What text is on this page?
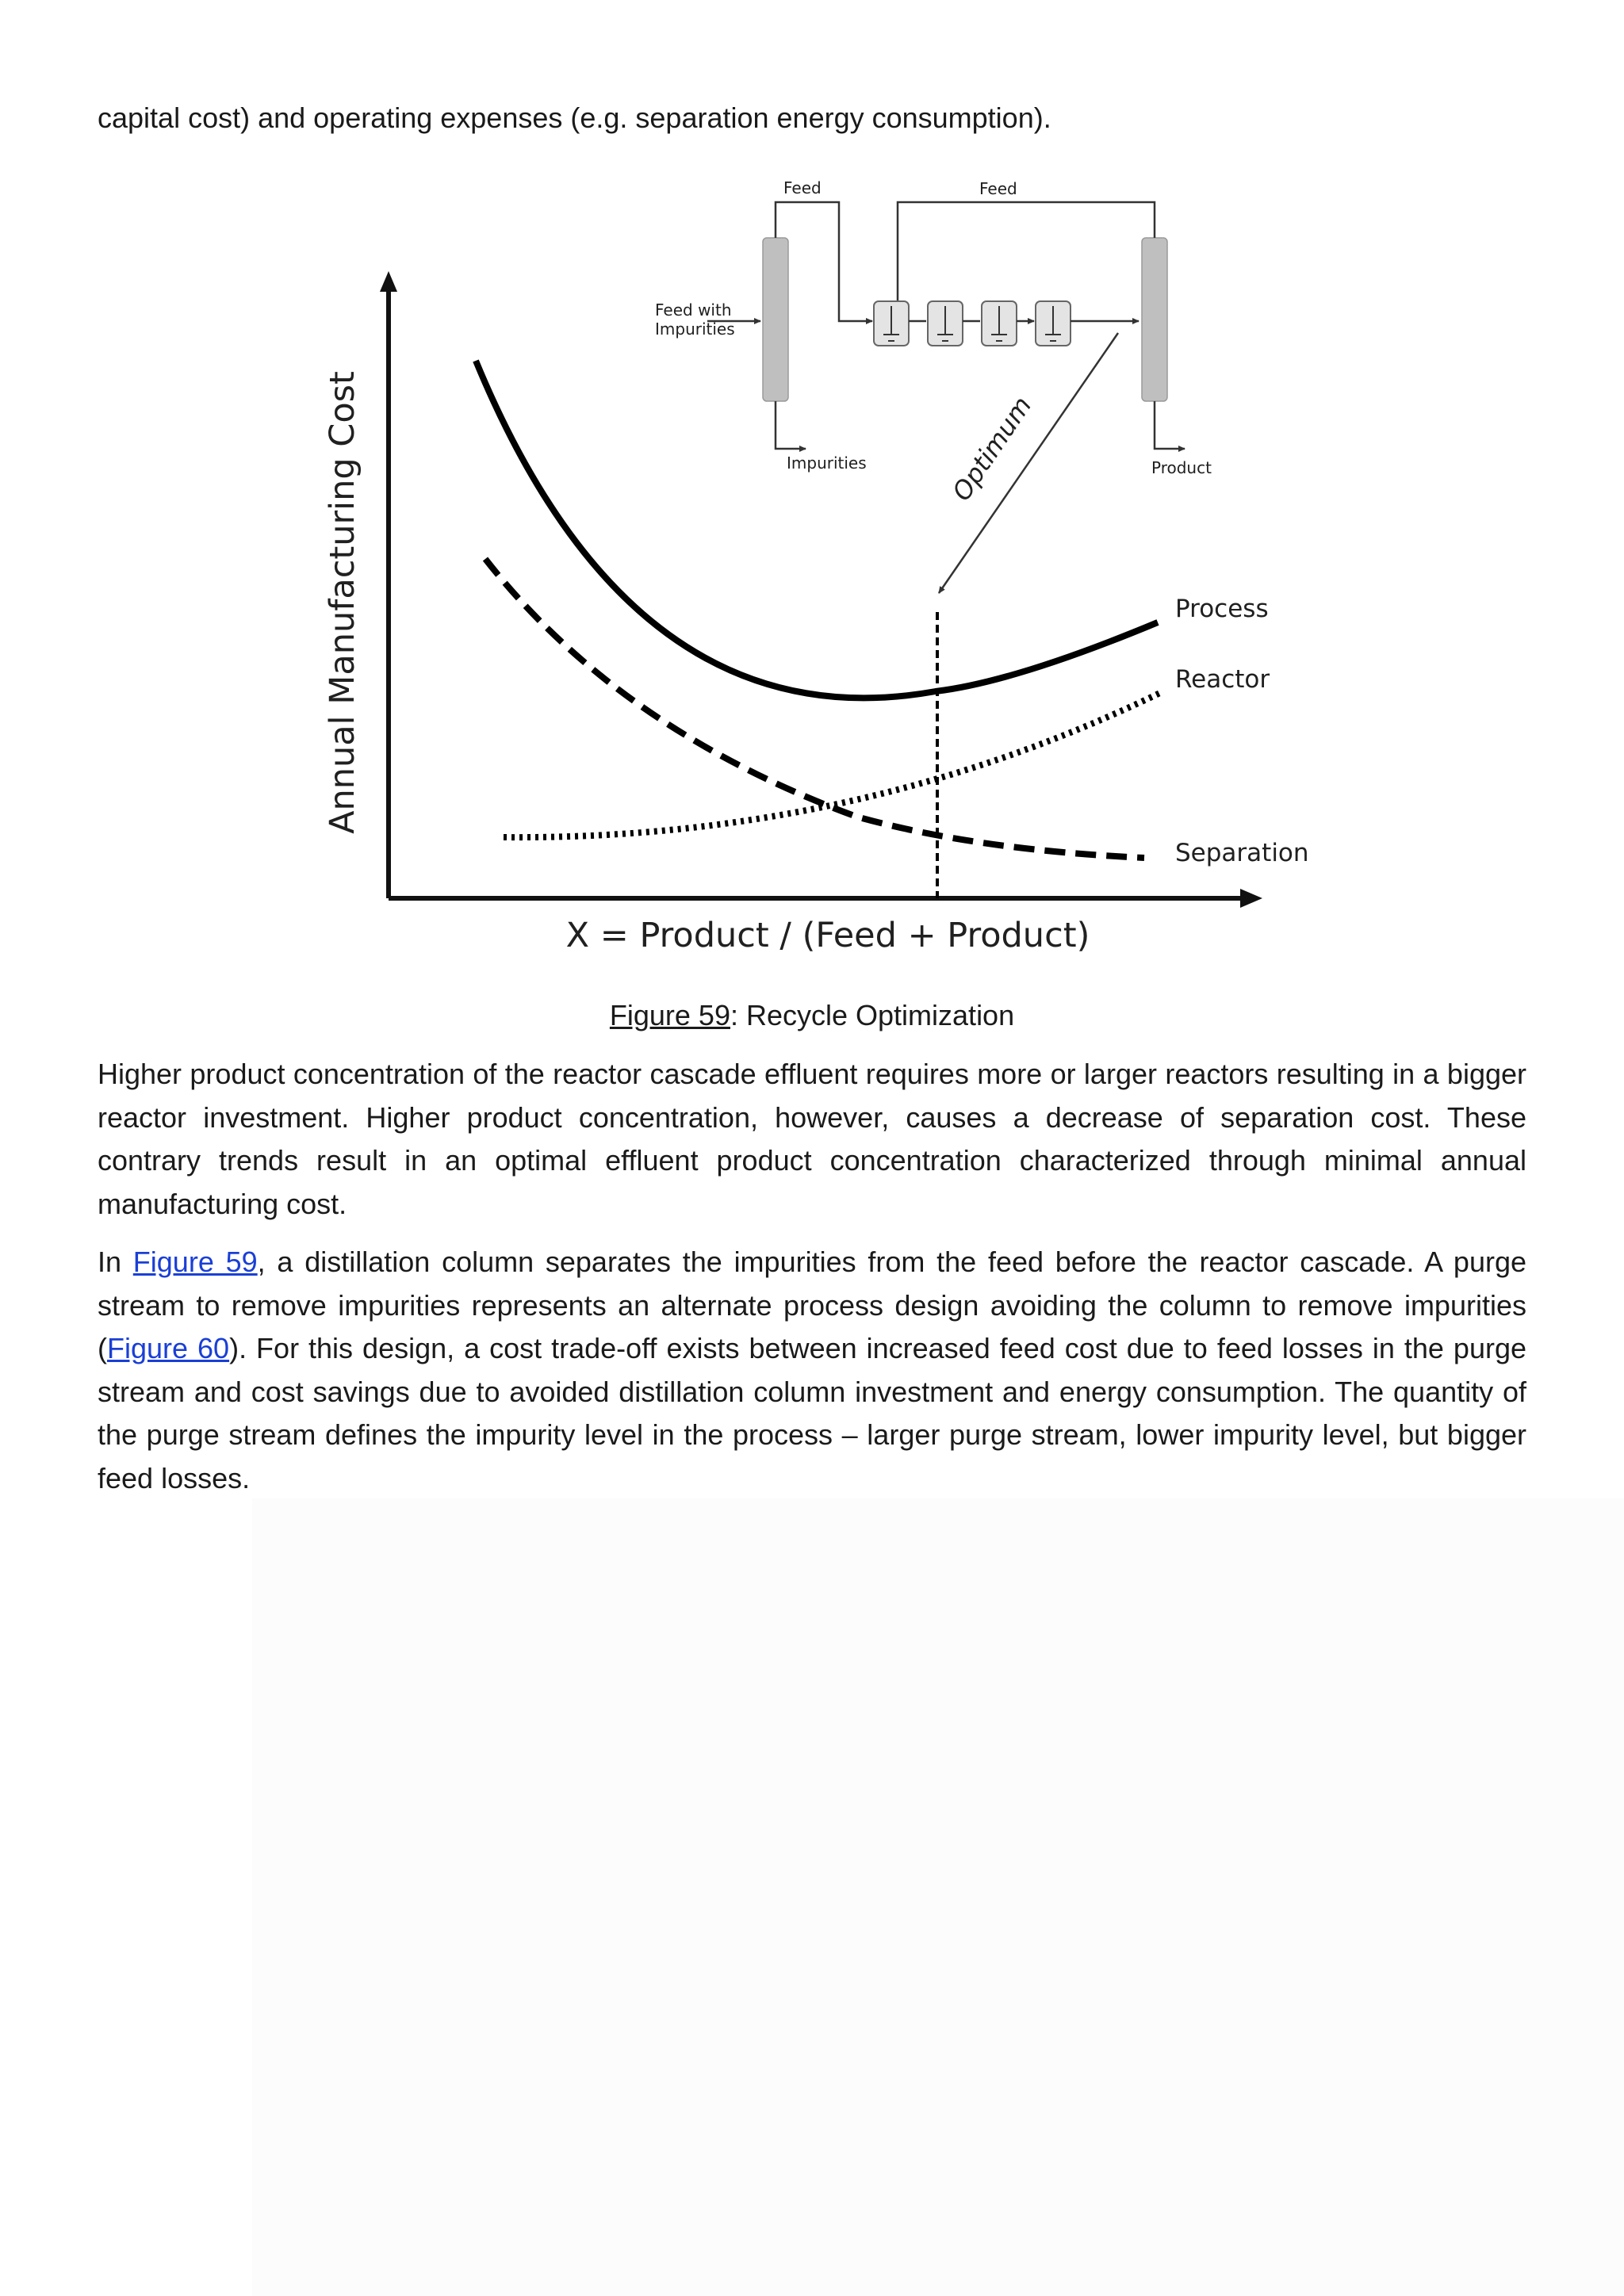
capital cost) and operating expenses (e.g. separation energy consumption).
Annual Manufacturing Cost
X = Product / (Feed + Product)
Optimum
Process
Reactor
Separation
Feed with
Impurities
Feed	Feed
Impurities	Product
Figure 59: Recycle Optimization
Higher product concentration of the reactor cascade effluent requires more or larger reactors resulting in a bigger reactor investment. Higher product concentration, however, causes a decrease of separation cost. These contrary trends result in an optimal effluent product concentration characterized through minimal annual manufacturing cost.
In Figure 59, a distillation column separates the impurities from the feed before the reactor cascade. A purge stream to remove impurities represents an alternate process design avoiding the column to remove impurities (Figure 60). For this design, a cost trade-off exists between increased feed cost due to feed losses in the purge stream and cost savings due to avoided distillation column investment and energy consumption. The quantity of the purge stream defines the impurity level in the process – larger purge stream, lower impurity level, but bigger feed losses.
